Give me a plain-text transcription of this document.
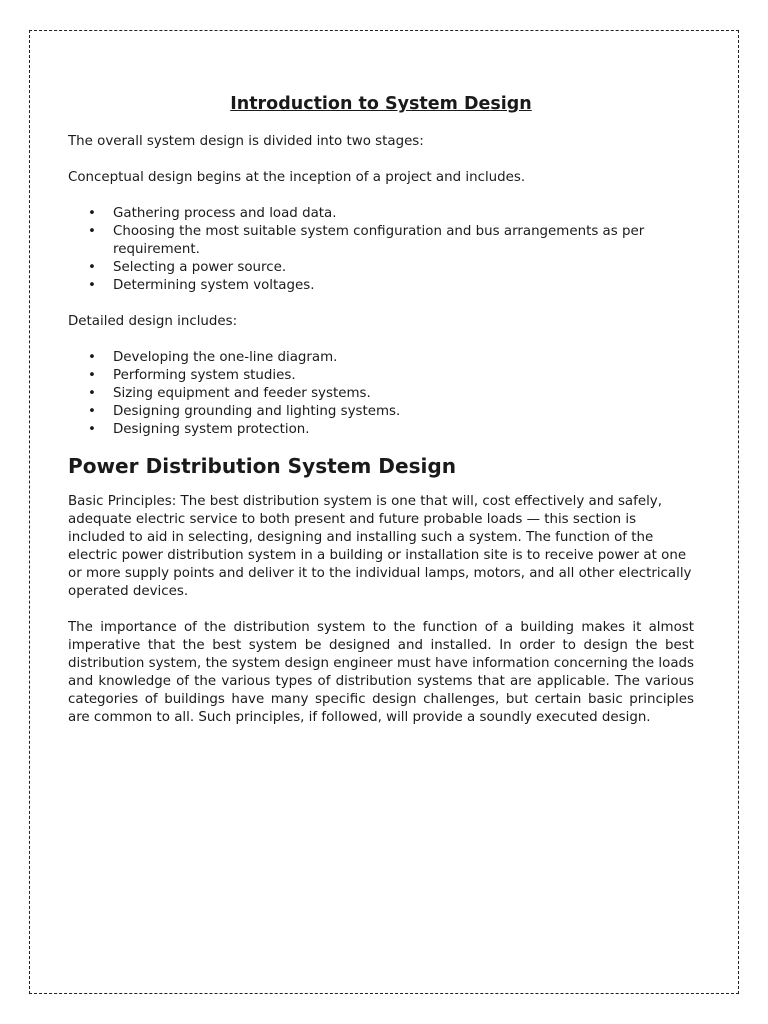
Introduction to System Design

The overall system design is divided into two stages:

Conceptual design begins at the inception of a project and includes.

• Gathering process and load data.
• Choosing the most suitable system configuration and bus arrangements as per requirement.
• Selecting a power source.
• Determining system voltages.

Detailed design includes:

• Developing the one-line diagram.
• Performing system studies.
• Sizing equipment and feeder systems.
• Designing grounding and lighting systems.
• Designing system protection.
Power Distribution System Design

Basic Principles: The best distribution system is one that will, cost effectively and safely, adequate electric service to both present and future probable loads — this section is included to aid in selecting, designing and installing such a system. The function of the electric power distribution system in a building or installation site is to receive power at one or more supply points and deliver it to the individual lamps, motors, and all other electrically operated devices.

The importance of the distribution system to the function of a building makes it almost imperative that the best system be designed and installed. In order to design the best distribution system, the system design engineer must have information concerning the loads and knowledge of the various types of distribution systems that are applicable. The various categories of buildings have many specific design challenges, but certain basic principles are common to all. Such principles, if followed, will provide a soundly executed design.
